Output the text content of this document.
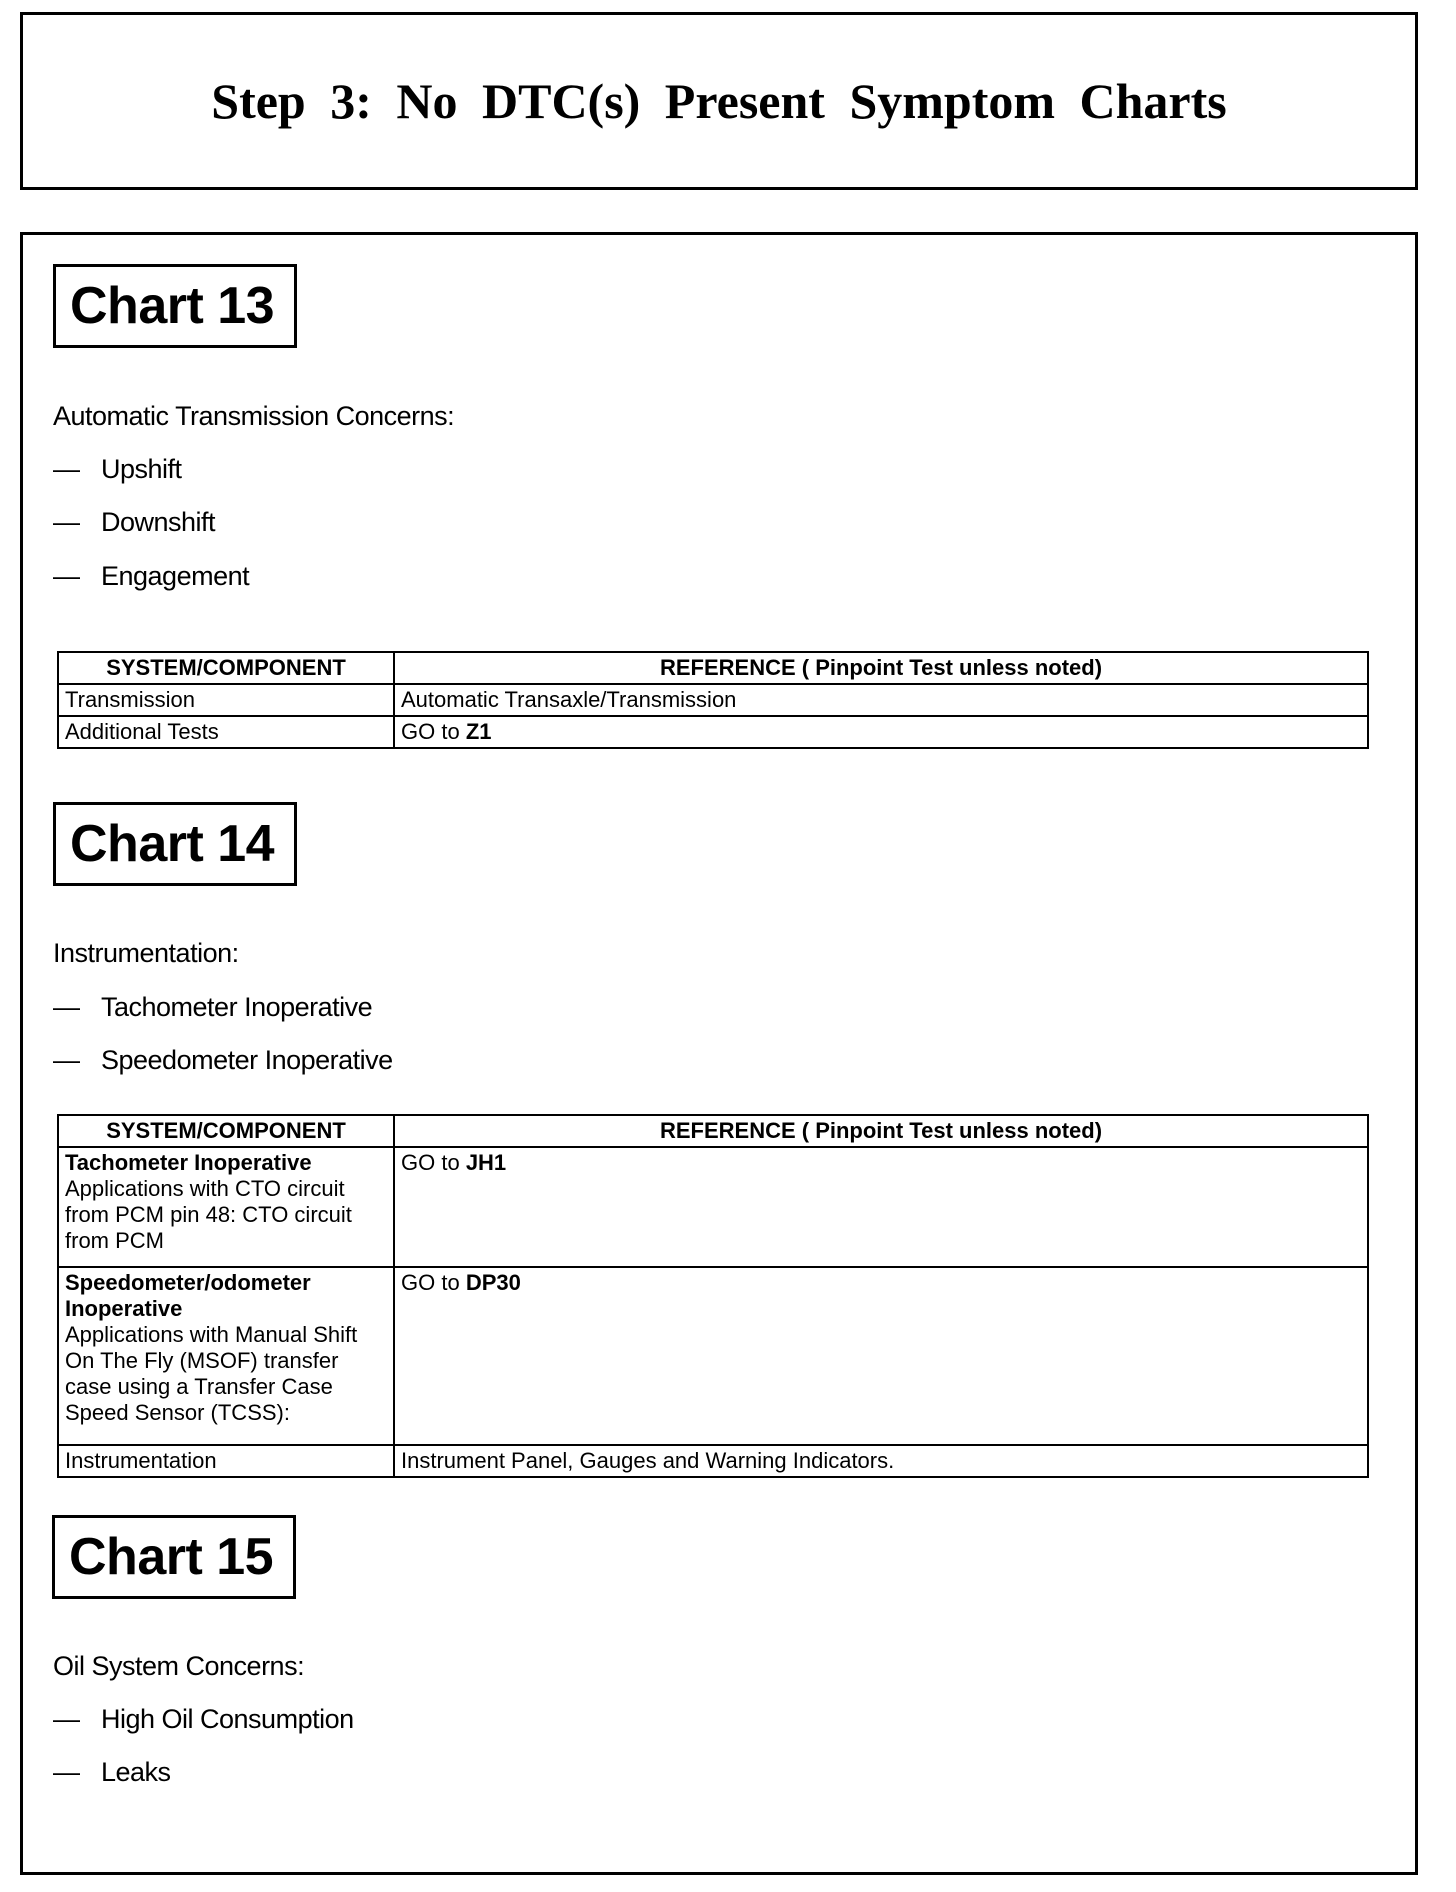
Step 3: No DTC(s) Present Symptom Charts
Chart 13
Automatic Transmission Concerns:
— Upshift
— Downshift
— Engagement
SYSTEM/COMPONENT	REFERENCE ( Pinpoint Test unless noted)
Transmission	Automatic Transaxle/Transmission
Additional Tests	GO to Z1
Chart 14
Instrumentation:
— Tachometer Inoperative
— Speedometer Inoperative
SYSTEM/COMPONENT	REFERENCE ( Pinpoint Test unless noted)

Tachometer Inoperative
Applications with CTO circuit from PCM pin 48: CTO circuit from PCM	GO to JH1

Speedometer/odometer Inoperative
Applications with Manual Shift On The Fly (MSOF) transfer case using a Transfer Case Speed Sensor (TCSS):	GO to DP30
Instrumentation	Instrument Panel, Gauges and Warning Indicators.
Chart 15
Oil System Concerns:
— High Oil Consumption
— Leaks
